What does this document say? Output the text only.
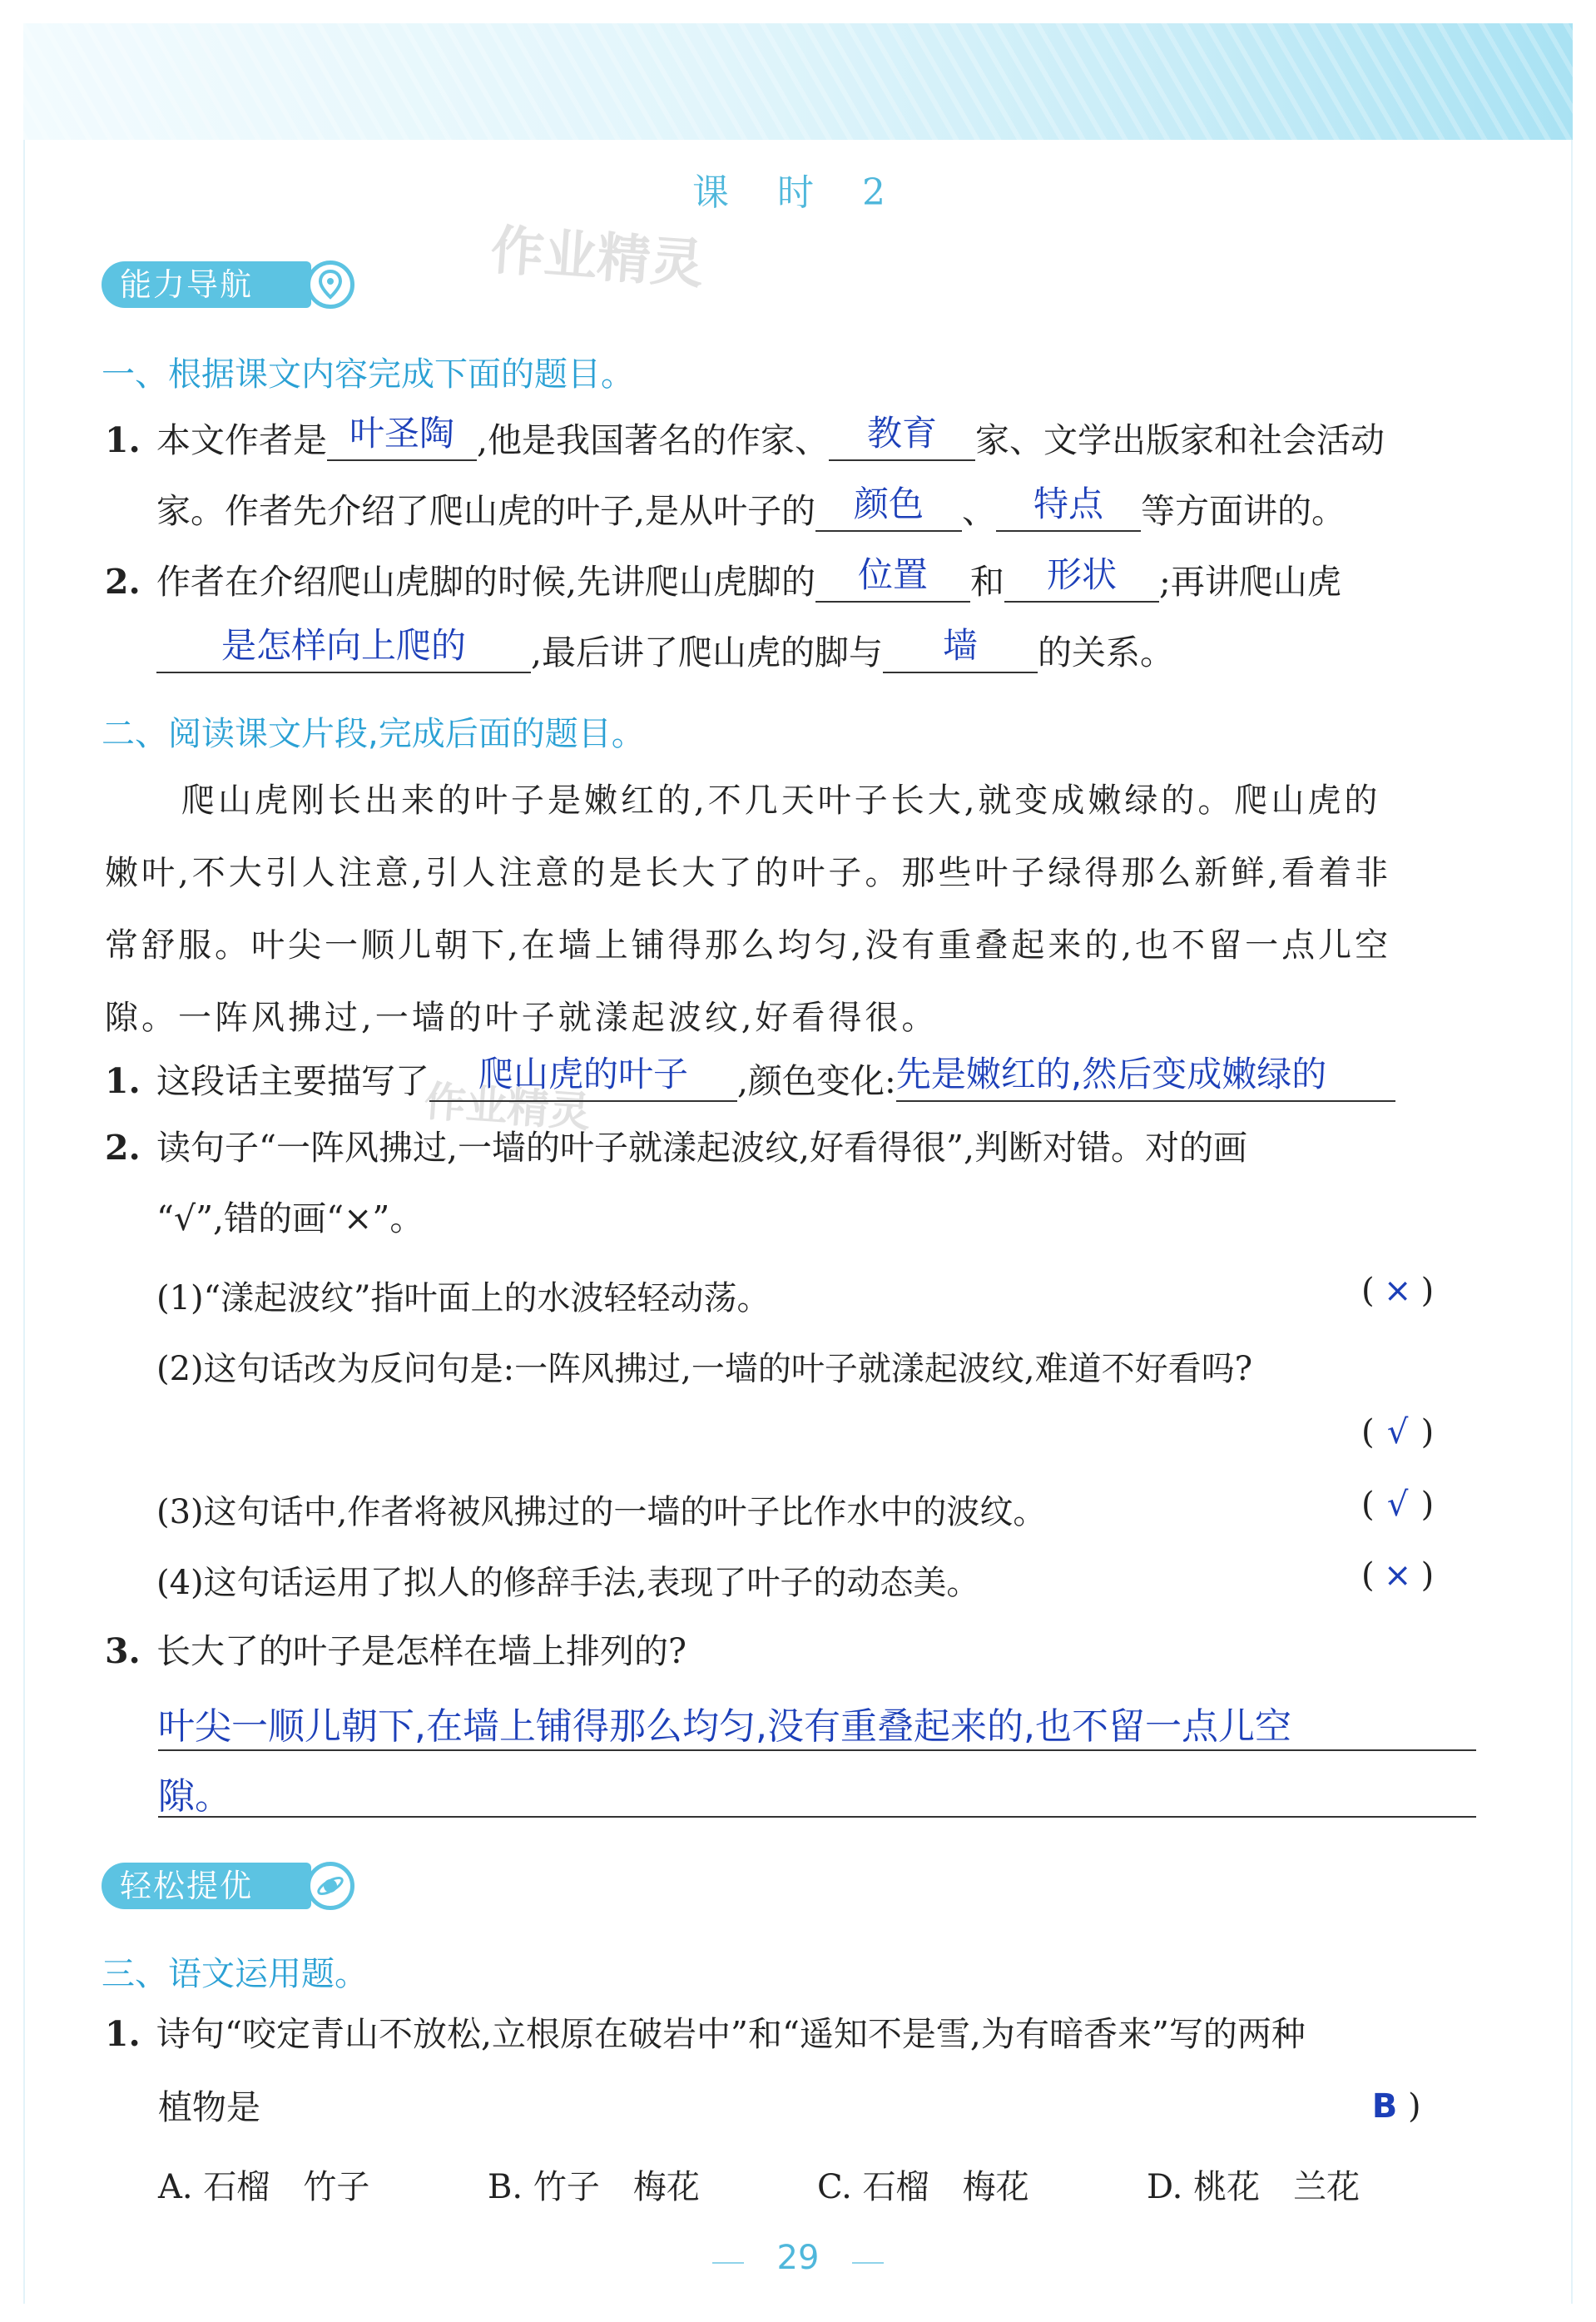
课 时 2
作业精灵
作业精灵
能力导航
一、根据课文内容完成下面的题目。
1. 本文作者是 叶圣陶 ,他是我国著名的作家、	教育	家、文学出版家和社会活动
家。作者先介绍了爬山虎的叶子,是从叶子的	颜色	、	特点	等方面讲的。
2. 作者在介绍爬山虎脚的时候,先讲爬山虎脚的	位置	和	形状	;再讲爬山虎
是怎样向上爬的	,最后讲了爬山虎的脚与	墙	的关系。
二、阅读课文片段,完成后面的题目。
爬山虎刚长出来的叶子是嫩红的,不几天叶子长大,就变成嫩绿的。爬山虎的
嫩叶,不大引人注意,引人注意的是长大了的叶子。那些叶子绿得那么新鲜,看着非
常舒服。叶尖一顺儿朝下,在墙上铺得那么均匀,没有重叠起来的,也不留一点儿空
隙。一阵风拂过,一墙的叶子就漾起波纹,好看得很。
1. 这段话主要描写了	爬山虎的叶子	,颜色变化: 先是嫩红的,然后变成嫩绿的
2. 读句子“一阵风拂过,一墙的叶子就漾起波纹,好看得很”,判断对错。对的画
“√”,错的画“×”。
(1)“漾起波纹”指叶面上的水波轻轻动荡。	( × )
(2)这句话改为反问句是:一阵风拂过,一墙的叶子就漾起波纹,难道不好看吗?
( √ )
(3)这句话中,作者将被风拂过的一墙的叶子比作水中的波纹。	( √ )
(4)这句话运用了拟人的修辞手法,表现了叶子的动态美。	( × )
3. 长大了的叶子是怎样在墙上排列的?
叶尖一顺儿朝下,在墙上铺得那么均匀,没有重叠起来的,也不留一点儿空
隙。
轻松提优
三、语文运用题。
1. 诗句“咬定青山不放松,立根原在破岩中”和“遥知不是雪,为有暗香来”写的两种
植物是	B )
A. 石榴　竹子	B. 竹子　梅花	C. 石榴　梅花	D. 桃花　兰花
29
